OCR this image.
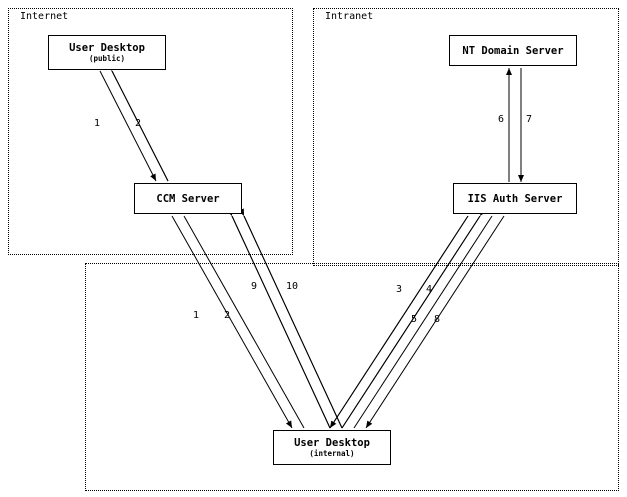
Internet	Intranet
User Desktop
(public)
CCM Server
NT Domain Server
IIS Auth Server
User Desktop
(internal)
1	2	6 7
9	10
1 2
3 4
5 8
